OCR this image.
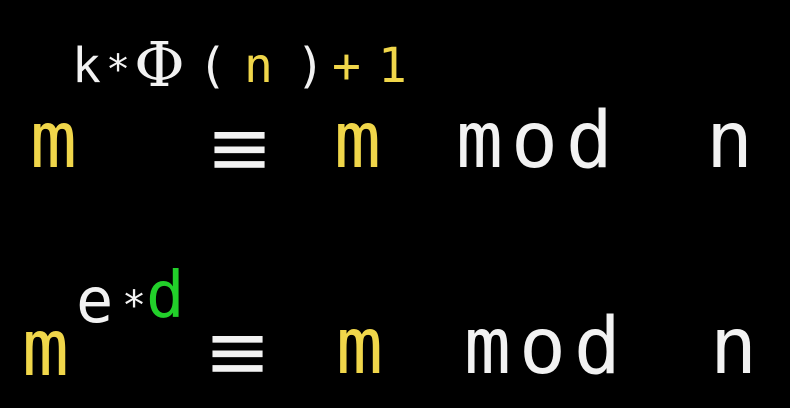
m
k * Φ ( n ) + 1
≡ m mod n
m
e * d
≡ m mod n
